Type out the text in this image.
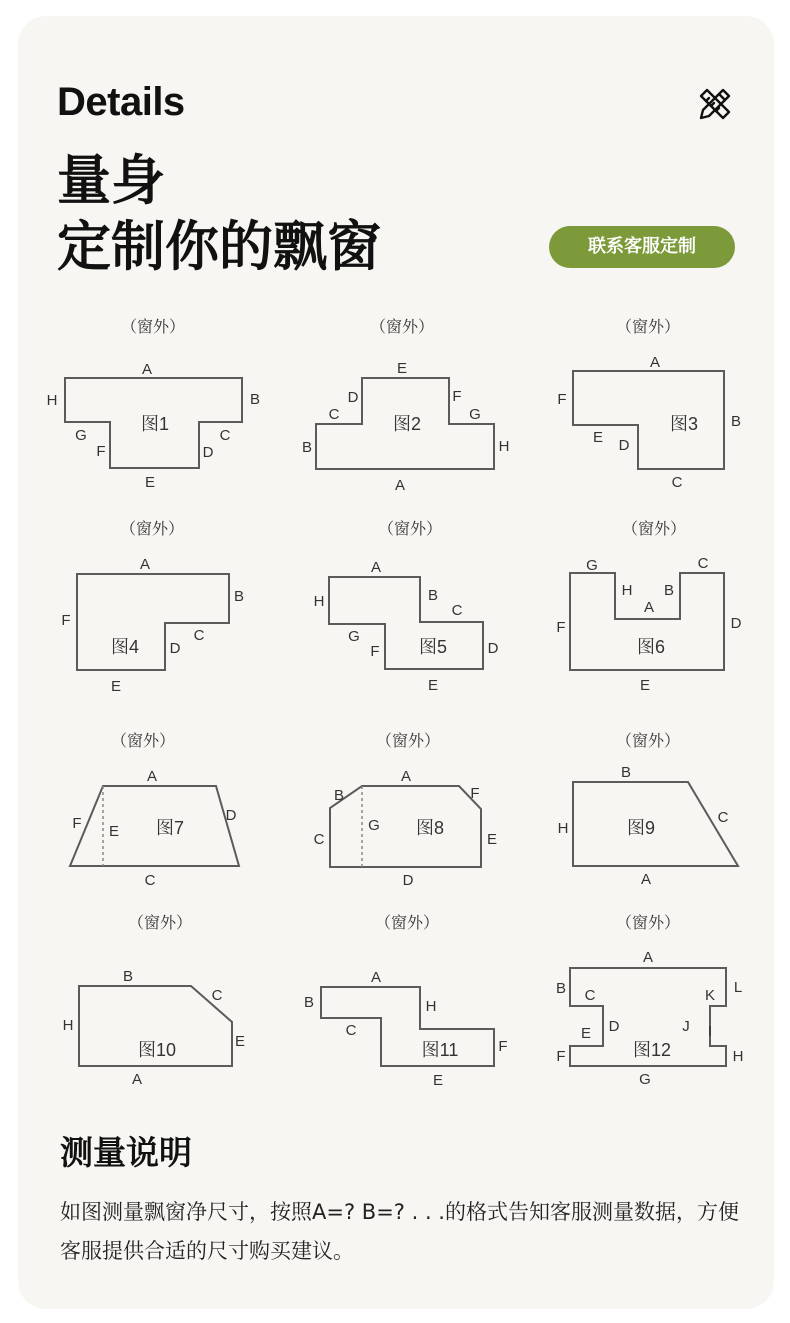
Details
量身
定制你的飘窗	联系客服定制
（窗外）
图1
A
B
C
D
E
F
G
H
（窗外）
图2
A
B
C
D
E
F
G
H
（窗外）
图3
A
B
C
D
E
F
（窗外）
图4
A
B
C
D
E
F
（窗外）
图5
A
B
C
D
E
F
G
H
（窗外）
图6
A
B
C
D
E
F
G
H
（窗外）
图7
A
C
D
E
F
（窗外）
图8
A
B
C
D
E
F
G
（窗外）
图9
A
B
C
H
（窗外）
图10
A
B
C
E
H
（窗外）
图11
A
B
C
E
F
H
（窗外）
图12
A
B C
D
E
F
G
H
I
J
K L
测量说明
如图测量飘窗净尺寸，按照A=? B=? . . .的格式告知客服测量数据，方便客服提供合适的尺寸购买建议。
